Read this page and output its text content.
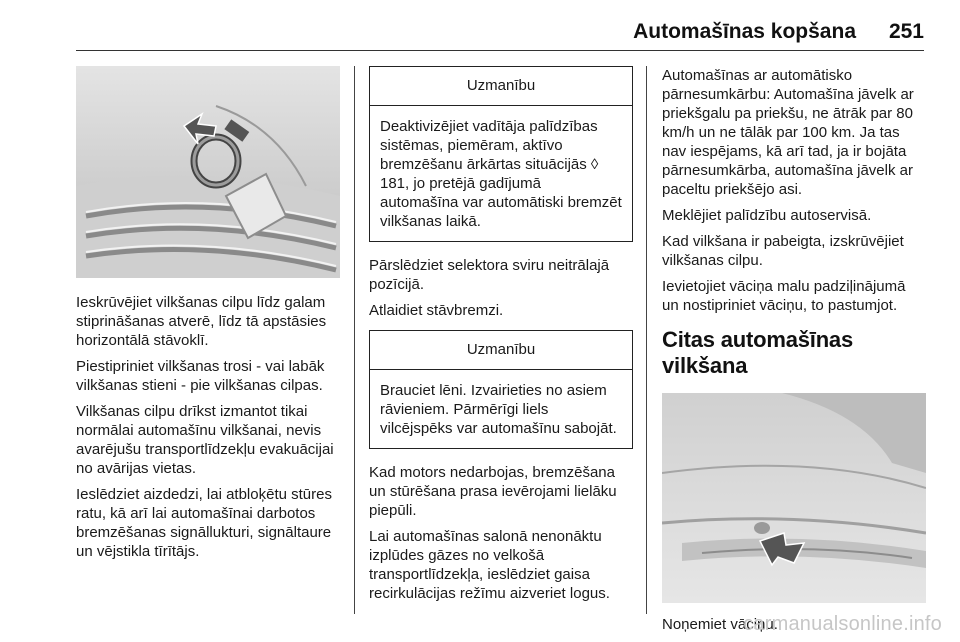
Automašīnas kopšana 251

Ieskrūvējiet vilkšanas cilpu līdz galam stiprināšanas atverē, līdz tā apstāsies horizontālā stāvoklī.

Piestipriniet vilkšanas trosi - vai labāk vilkšanas stieni - pie vilkšanas cilpas.

Vilkšanas cilpu drīkst izmantot tikai normālai automašīnu vilkšanai, nevis avarējušu transportlīdzekļu evakuācijai no avārijas vietas.

Ieslēdziet aizdedzi, lai atbloķētu stūres ratu, kā arī lai automašīnai darbotos bremzēšanas signāllukturi, signāltaure un vējstikla tīrītājs.

Uzmanību

Deaktivizējiet vadītāja palīdzības sistēmas, piemēram, aktīvo bremzēšanu ārkārtas situācijās ◊ 181, jo pretējā gadījumā automašīna var automātiski bremzēt vilkšanas laikā.

Pārslēdziet selektora sviru neitrālajā pozīcijā.

Atlaidiet stāvbremzi.

Uzmanību

Brauciet lēni. Izvairieties no asiem rāvieniem. Pārmērīgi liels vilcējspēks var automašīnu sabojāt.

Kad motors nedarbojas, bremzēšana un stūrēšana prasa ievērojami lielāku piepūli.

Lai automašīnas salonā nenonāktu izplūdes gāzes no velkošā transportlīdzekļa, ieslēdziet gaisa recirkulācijas režīmu aizveriet logus.

Automašīnas ar automātisko pārnesumkārbu: Automašīna jāvelk ar priekšgalu pa priekšu, ne ātrāk par 80 km/h un ne tālāk par 100 km. Ja tas nav iespējams, kā arī tad, ja ir bojāta pārnesumkārba, automašīna jāvelk ar paceltu priekšējo asi.

Meklējiet palīdzību autoservisā.

Kad vilkšana ir pabeigta, izskrūvējiet vilkšanas cilpu.

Ievietojiet vāciņa malu padziļinājumā un nostipriniet vāciņu, to pastumjot.

Citas automašīnas vilkšana

Noņemiet vāciņu.

carmanualsonline.info
